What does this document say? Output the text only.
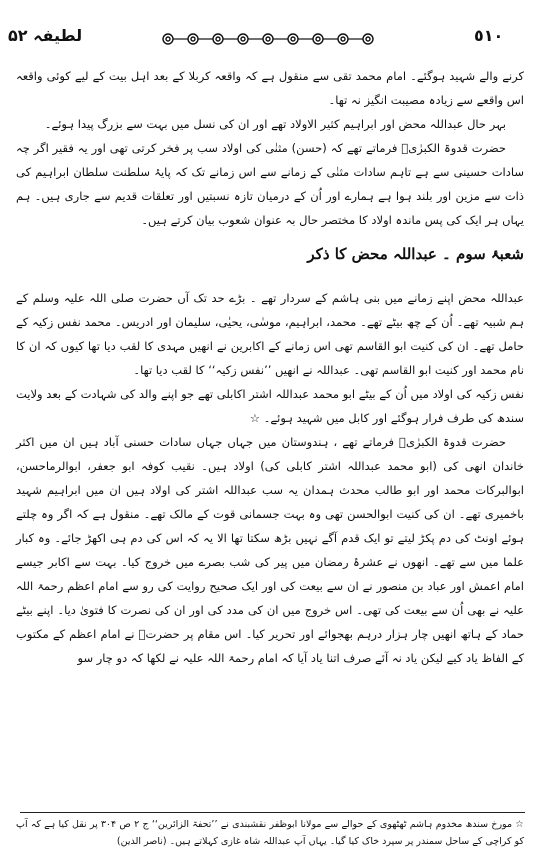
٥١٠
لطیفہ ۵۲

کرنے والے شہید ہوگئے۔ امام محمد تقی سے منقول ہے کہ واقعہ کربلا کے بعد اہل بیت کے لیے کوئی واقعہ اس واقعے سے زیادہ مصیبت انگیز نہ تھا۔

بہر حال عبداللہ محض اور ابراہیم کثیر الاولاد تھے اور ان کی نسل میں بہت سے بزرگ پیدا ہوئے۔

حضرت قدوۃ الکبرٰیؒ فرماتے تھے کہ (حسن) مثنٰی کی اولاد سب پر فخر کرتی تھی اور یہ فقیر اگر چہ سادات حسینی سے ہے تاہم سادات مثنٰی کے زمانے سے اس زمانے تک کہ پایۂ سلطنت سلطان ابراہیم کی ذات سے مزین اور بلند ہوا ہے ہمارے اور اُن کے درمیان تازہ نسبتیں اور تعلقات قدیم سے جاری ہیں۔ ہم یہاں ہر ایک کی پس ماندہ اولاد کا مختصر حال بہ عنوان شعوب بیان کرتے ہیں۔

شعبۂ سوم ۔ عبداللہ محض کا ذکر

عبداللہ محض اپنے زمانے میں بنی ہاشم کے سردار تھے ۔ بڑے حد تک آں حضرت صلی اللہ علیہ وسلم کے ہم شبیہ تھے۔ اُن کے چھ بیٹے تھے۔ محمد، ابراہیم، موسٰی، یحیٰی، سلیمان اور ادریس۔ محمد نفس زکیہ کے حامل تھے۔ ان کی کنیت ابو القاسم تھی اس زمانے کے اکابرین نے انھیں مہدی کا لقب دیا تھا کیوں کہ ان کا نام محمد اور کنیت ابو القاسم تھی۔ عبداللہ نے انھیں ’’نفس زکیہ‘‘ کا لقب دیا تھا۔

نفس زکیہ کی اولاد میں اُن کے بیٹے ابو محمد عبداللہ اشتر اکابلی تھے جو اپنے والد کی شہادت کے بعد ولایت سندھ کی طرف فرار ہوگئے اور کابل میں شہید ہوئے۔ ☆

حضرت قدوۃ الکبرٰیؒ فرماتے تھے ، ہندوستان میں جہاں جہاں سادات حسنی آباد ہیں ان میں اکثر خاندان انھی کی (ابو محمد عبداللہ اشتر کابلی کی) اولاد ہیں۔ نقیب کوفہ ابو جعفر، ابوالرماحسن، ابوالبرکات محمد اور ابو طالب محدث ہمدان یہ سب عبداللہ اشتر کی اولاد ہیں ان میں ابراہیم شہید باخمیری تھے۔ ان کی کنیت ابوالحسن تھی وہ بہت جسمانی قوت کے مالک تھے۔ منقول ہے کہ اگر وہ چلتے ہوئے اونٹ کی دم پکڑ لیتے تو ایک قدم آگے نہیں بڑھ سکتا تھا الا یہ کہ اس کی دم ہی اکھڑ جائے۔ وہ کبار علما میں سے تھے۔ انھوں نے عشرۂ رمضان میں پیر کی شب بصرے میں خروج کیا۔ بہت سے اکابر جیسے امام اعمش اور عباد بن منصور نے ان سے بیعت کی اور ایک صحیح روایت کی رو سے امام اعظم رحمۃ اللہ علیہ نے بھی اُن سے بیعت کی تھی۔ اس خروج میں ان کی مدد کی اور ان کی نصرت کا فتویٰ دیا۔ اپنے بیٹے حماد کے ہاتھ انھیں چار ہزار درہم بھجوائے اور تحریر کیا۔ اس مقام پر حضرتؒ نے امام اعظم کے مکتوب کے الفاظ یاد کیے لیکن یاد نہ آئے صرف اتنا یاد آیا کہ امام رحمۃ اللہ علیہ نے لکھا کہ دو چار سو

☆ مورخ سندھ مخدوم ہاشم ٹھٹھوی کے حوالے سے مولانا ابوظفر نقشبندی نے ’’تحفۃ الزائرین‘‘ ج ۲ ص ۳۰۴ پر نقل کیا ہے کہ آپ کو کراچی کے ساحل سمندر پر سپرد خاک کیا گیا۔ یہاں آپ عبداللہ شاہ غازی کہلاتے ہیں۔ (ناصر الدین)
